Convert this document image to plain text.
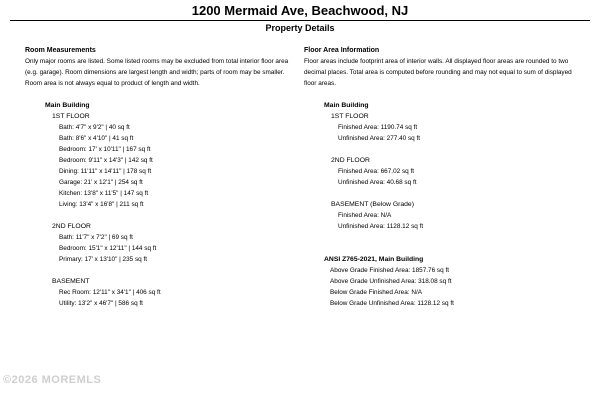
1200 Mermaid Ave, Beachwood, NJ
Property Details
Room Measurements
Only major rooms are listed. Some listed rooms may be excluded from total interior floor area (e.g. garage). Room dimensions are largest length and width; parts of room may be smaller. Room area is not always equal to product of length and width.
Main Building
1ST FLOOR
Bath: 4'7" x 9'2" | 40 sq ft
Bath: 8'6" x 4'10" | 41 sq ft
Bedroom: 17' x 10'11" | 167 sq ft
Bedroom: 9'11" x 14'3" | 142 sq ft
Dining: 11'11" x 14'11" | 178 sq ft
Garage: 21' x 12'1" | 254 sq ft
Kitchen: 13'8" x 11'5" | 147 sq ft
Living: 13'4" x 16'8" | 211 sq ft
2ND FLOOR
Bath: 11'7" x 7'2" | 69 sq ft
Bedroom: 15'1" x 12'11" | 144 sq ft
Primary: 17' x 13'10" | 235 sq ft
BASEMENT
Rec Room: 12'11" x 34'1" | 406 sq ft
Utility: 13'2" x 46'7" | 586 sq ft
Floor Area Information
Floor areas include footprint area of interior walls. All displayed floor areas are rounded to two decimal places. Total area is computed before rounding and may not equal to sum of displayed floor areas.
Main Building
1ST FLOOR
Finished Area: 1190.74 sq ft
Unfinished Area: 277.40 sq ft
2ND FLOOR
Finished Area: 667.02 sq ft
Unfinished Area: 40.68 sq ft
BASEMENT (Below Grade)
Finished Area: N/A
Unfinished Area: 1128.12 sq ft
ANSI Z765-2021, Main Building
Above Grade Finished Area: 1857.76 sq ft
Above Grade Unfinished Area: 318.08 sq ft
Below Grade Finished Area: N/A
Below Grade Unfinished Area: 1128.12 sq ft
©2026 MOREMLS
